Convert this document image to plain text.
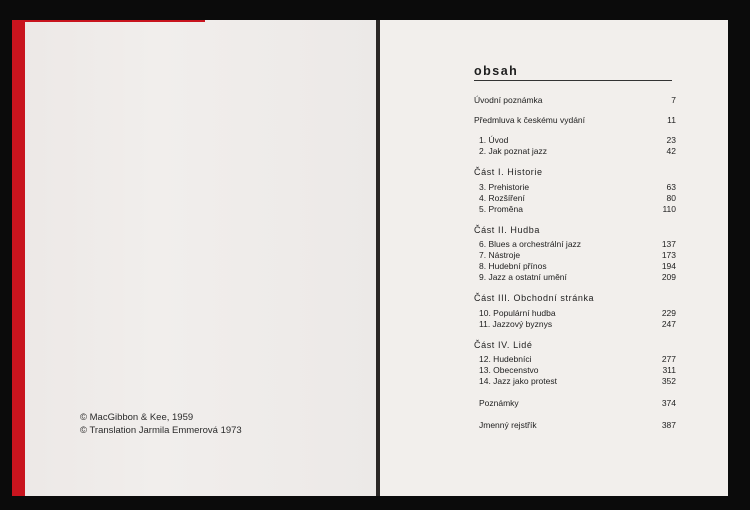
© MacGibbon & Kee, 1959
© Translation Jarmila Emmerová 1973
obsah
Úvodní poznámka	7
Předmluva k českému vydání	11
1. Úvod	23
2. Jak poznat jazz	42
Část I. Historie
3. Prehistorie	63
4. Rozšíření	80
5. Proměna	110
Část II. Hudba
6. Blues a orchestrální jazz	137
7. Nástroje	173
8. Hudební přínos	194
9. Jazz a ostatní umění	209
Část III. Obchodní stránka
10. Populární hudba	229
11. Jazzový byznys	247
Část IV. Lidé
12. Hudebníci	277
13. Obecenstvo	311
14. Jazz jako protest	352
Poznámky	374
Jmenný rejstřík	387
